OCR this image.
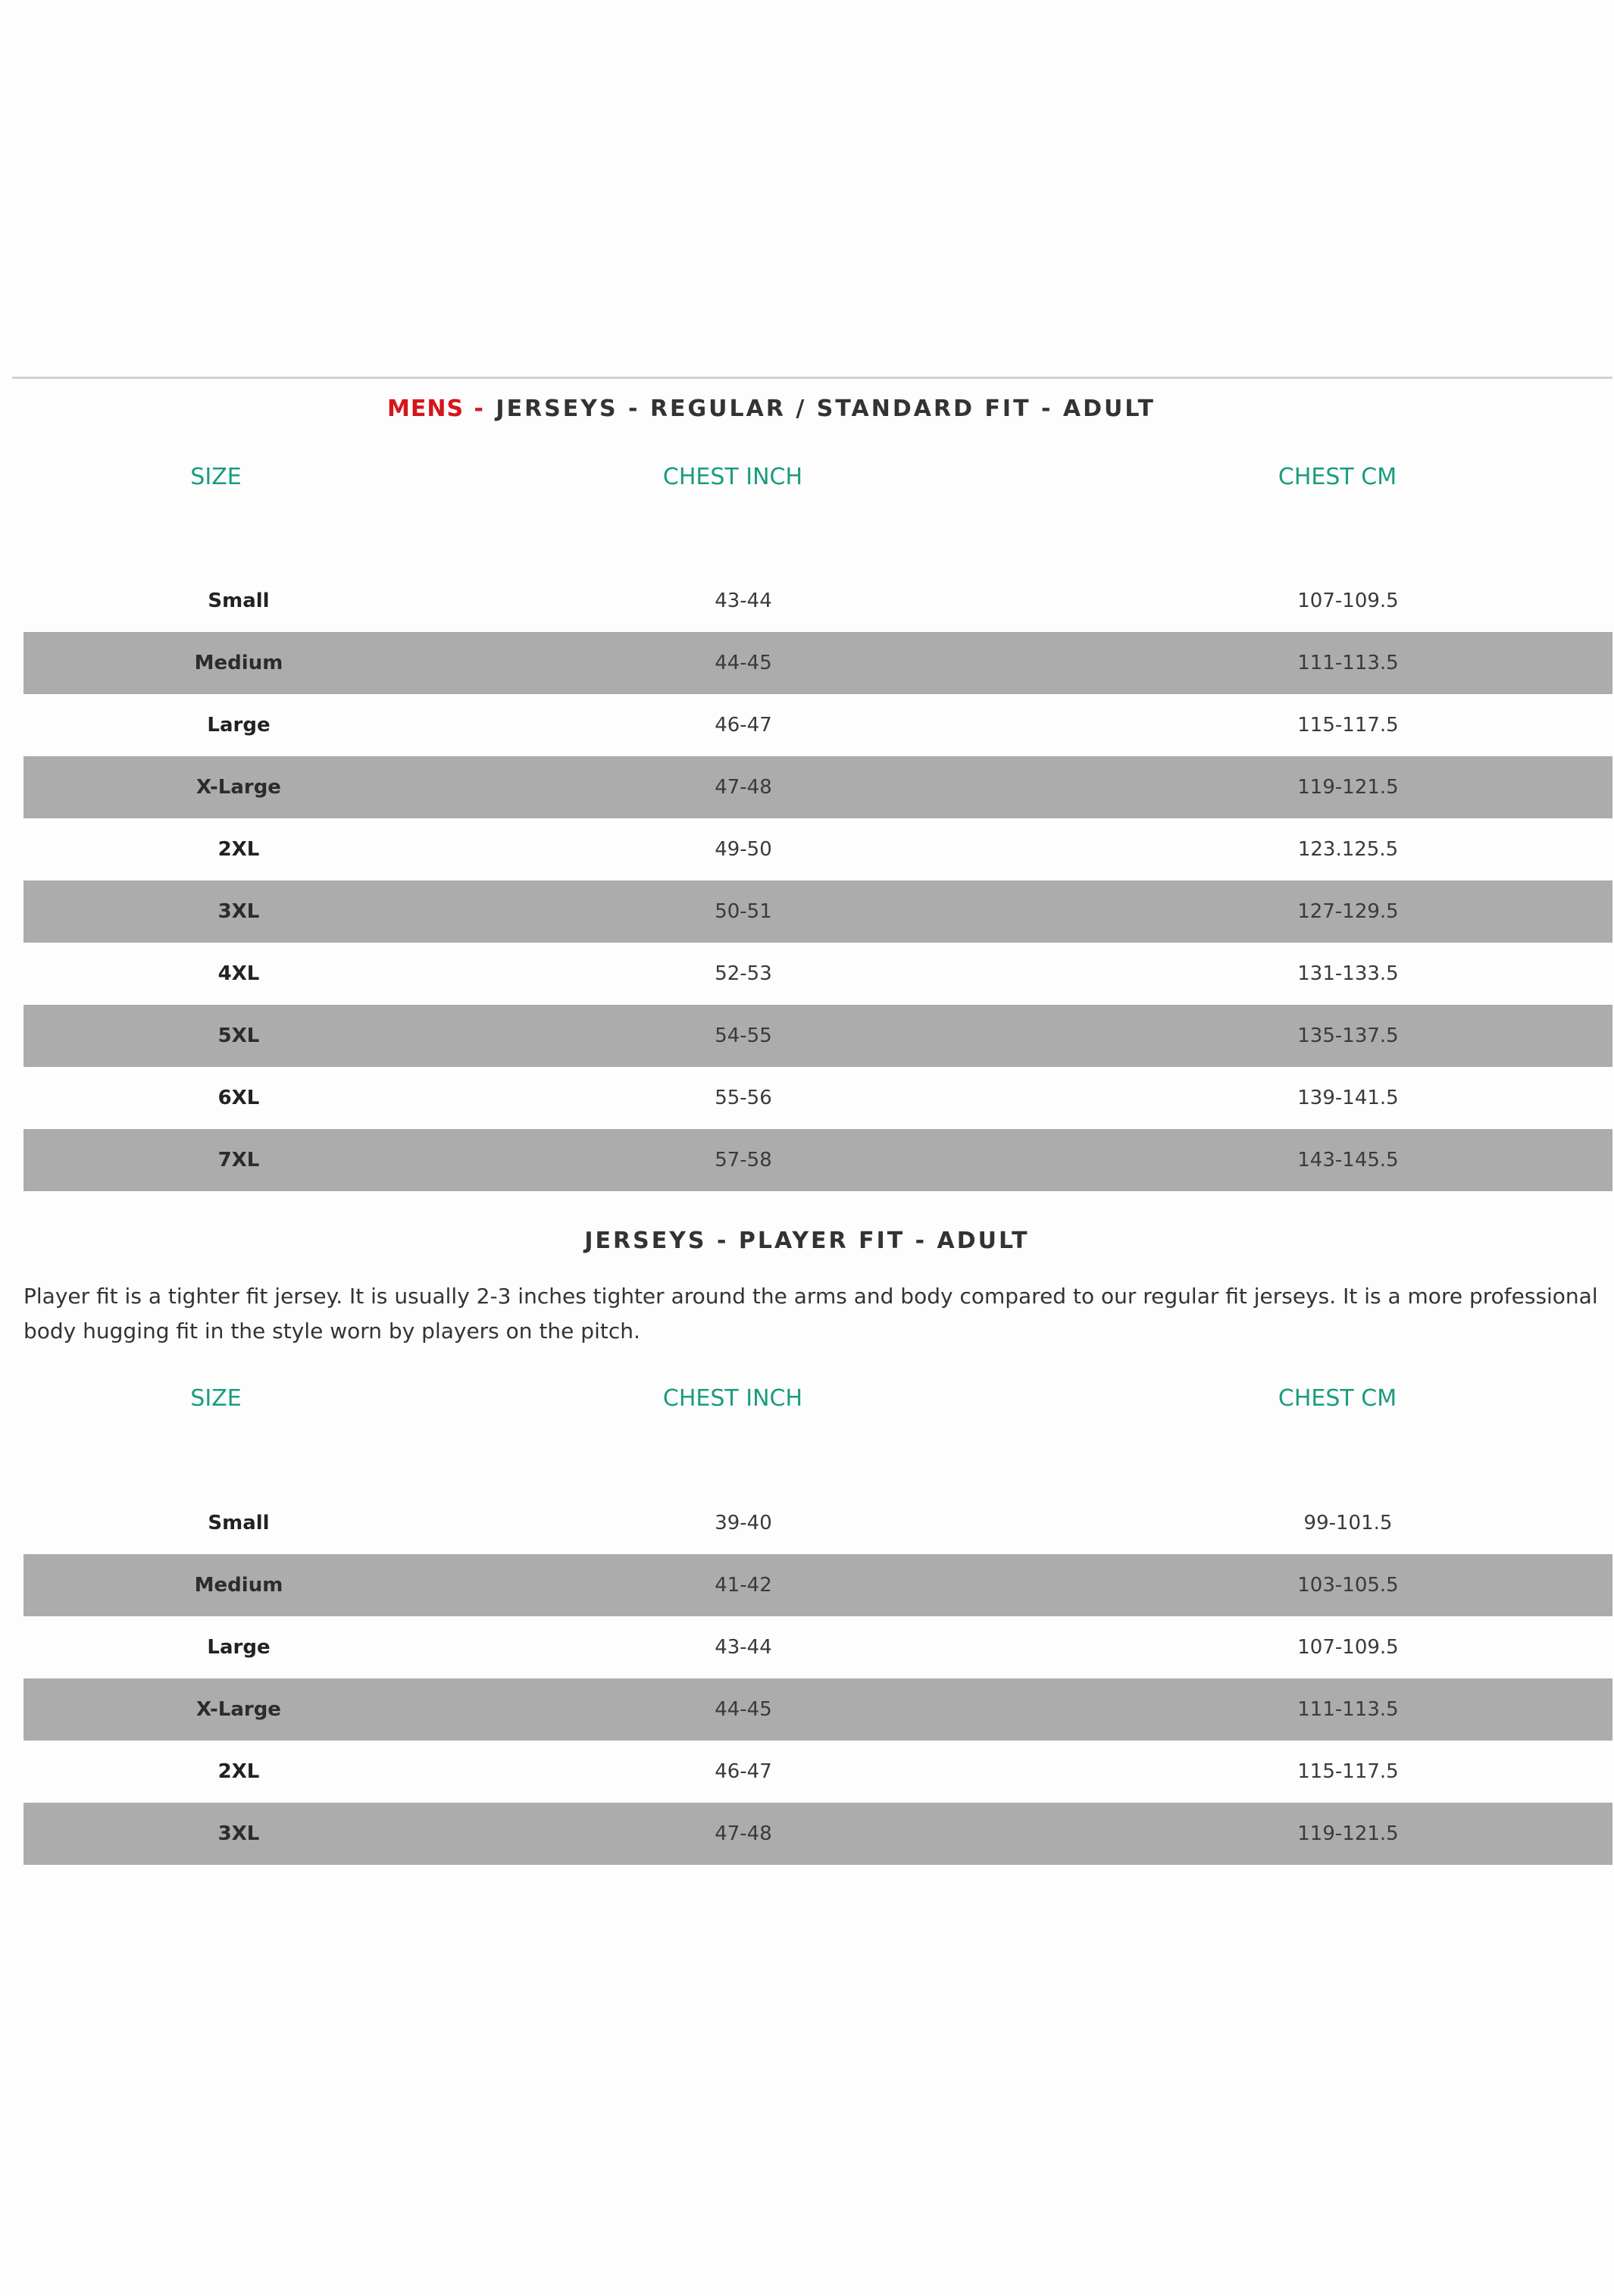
MENS - JERSEYS - REGULAR / STANDARD FIT - ADULT
SIZE	CHEST INCH	CHEST CM
Small	43-44	107-109.5
Medium	44-45	111-113.5
Large	46-47	115-117.5
X-Large	47-48	119-121.5
2XL	49-50	123.125.5
3XL	50-51	127-129.5
4XL	52-53	131-133.5
5XL	54-55	135-137.5
6XL	55-56	139-141.5
7XL	57-58	143-145.5
JERSEYS - PLAYER FIT - ADULT
Player fit is a tighter fit jersey. It is usually 2-3 inches tighter around the arms and body compared to our regular fit jerseys. It is a more professional body hugging fit in the style worn by players on the pitch.
SIZE	CHEST INCH	CHEST CM
Small	39-40	99-101.5
Medium	41-42	103-105.5
Large	43-44	107-109.5
X-Large	44-45	111-113.5
2XL	46-47	115-117.5
3XL	47-48	119-121.5
